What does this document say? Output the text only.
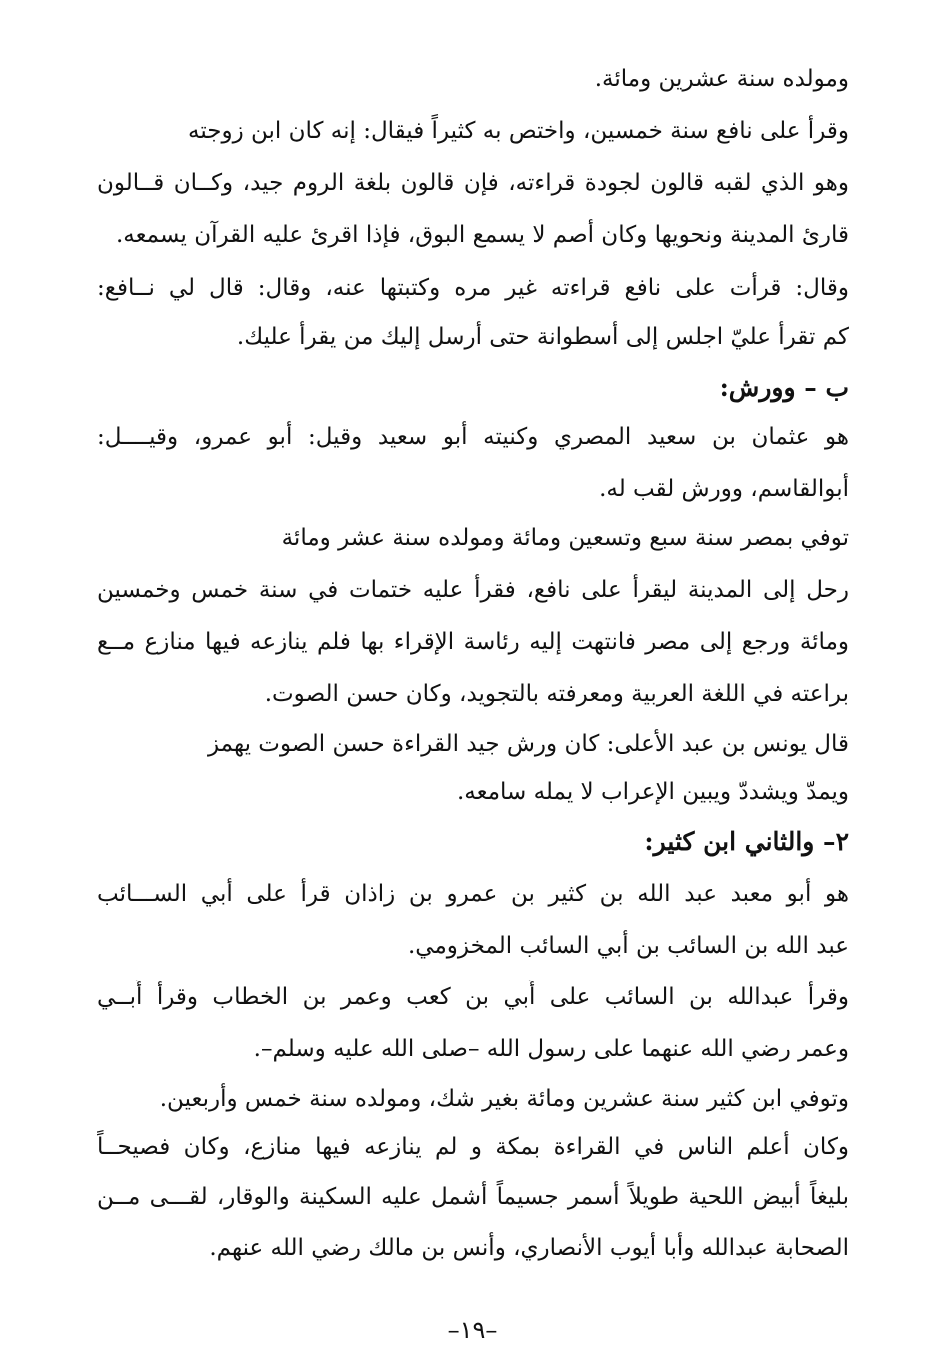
ومولده سنة عشرين ومائة.
وقرأ على نافع سنة خمسين، واختص به كثيراً فيقال: إنه كان ابن زوجته
وهو الذي لقبه قالون لجودة قراءته، فإن قالون بلغة الروم جيد، وكــان قــالون
قارئ المدينة ونحويها وكان أصم لا يسمع البوق، فإذا اقرئ عليه القرآن يسمعه.
وقال: قرأت على نافع قراءته غير مره وكتبتها عنه، وقال: قال لي نــافع:
كم تقرأ عليّ اجلس إلى أسطوانة حتى أرسل إليك من يقرأ عليك.
ب – وورش:
هو عثمان بن سعيد المصري وكنيته أبو سعيد وقيل: أبو عمرو، وقيــــل:
أبوالقاسم، وورش لقب له.
توفي بمصر سنة سبع وتسعين ومائة ومولده سنة عشر ومائة
رحل إلى المدينة ليقرأ على نافع، فقرأ عليه ختمات في سنة خمس وخمسين
ومائة ورجع إلى مصر فانتهت إليه رئاسة الإقراء بها فلم ينازعه فيها منازع مــع
براعته في اللغة العربية ومعرفته بالتجويد، وكان حسن الصوت.
قال يونس بن عبد الأعلى: كان ورش جيد القراءة حسن الصوت يهمز
ويمدّ ويشددّ ويبين الإعراب لا يمله سامعه.
٢– والثاني ابن كثير:
هو أبو معبد عبد الله بن كثير بن عمرو بن زاذان قرأ على أبي الســـائب
عبد الله بن السائب بن أبي السائب المخزومي.
وقرأ عبدالله بن السائب على أُبي بن كعب وعمر بن الخطاب وقرأ أُبــي
وعمر رضي الله عنهما على رسول الله –صلى الله عليه وسلم–.
وتوفي ابن كثير سنة عشرين ومائة بغير شك، ومولده سنة خمس وأربعين.
وكان أعلم الناس في القراءة بمكة و لم ينازعه فيها منازع، وكان فصيحــاً
بليغاً أبيض اللحية طويلاً أسمر جسيماً أشمل عليه السكينة والوقار، لقـــى مــن
الصحابة عبدالله وأبا أيوب الأنصاري، وأنس بن مالك رضي الله عنهم.
–١٩–
